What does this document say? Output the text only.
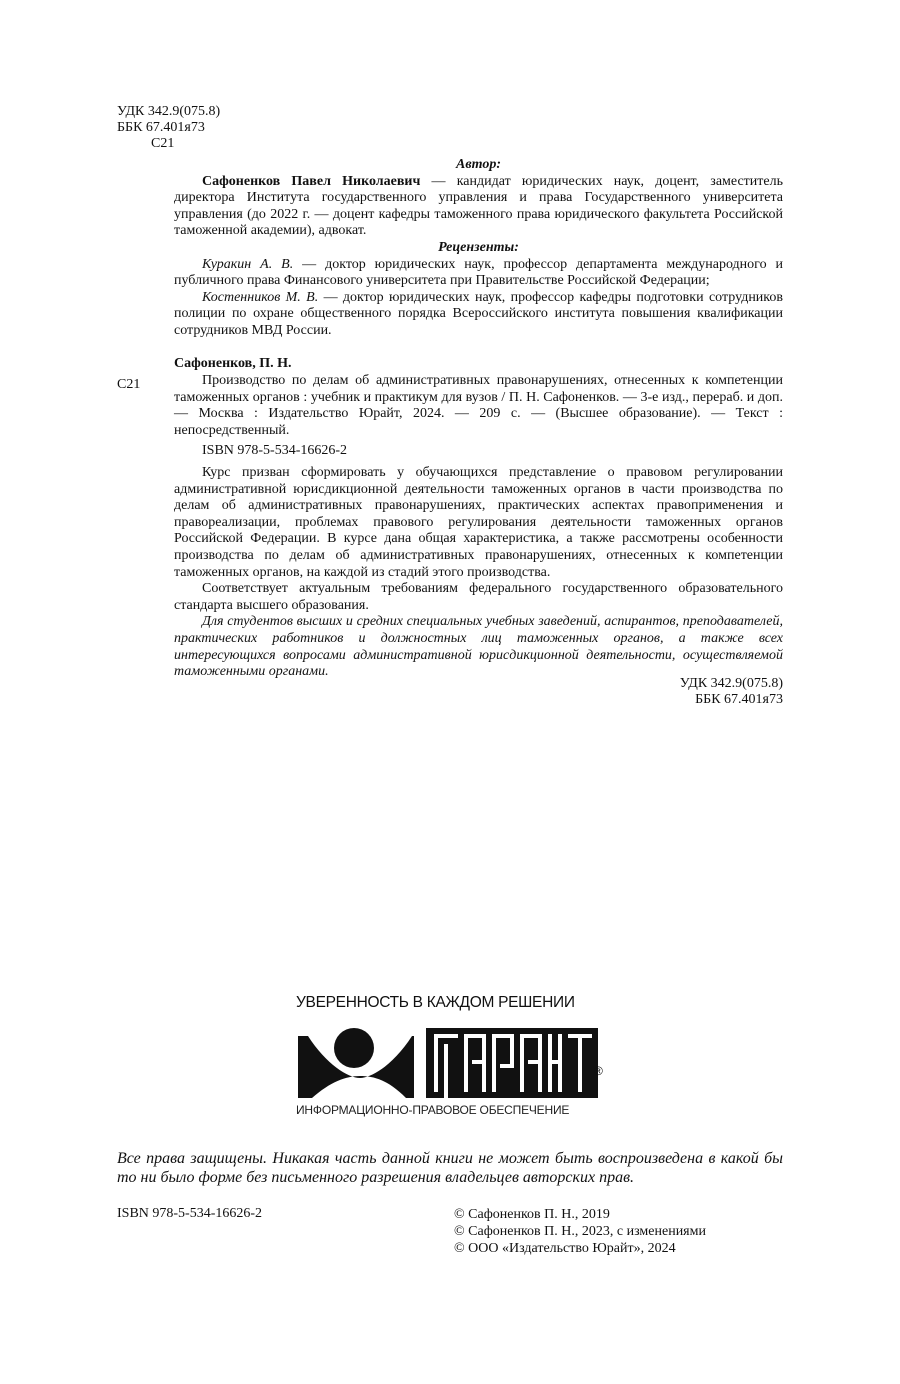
УДК 342.9(075.8)
ББК 67.401я73
С21
Автор:
Сафоненков Павел Николаевич — кандидат юридических наук, доцент, заместитель директора Института государственного управления и права Государственного университета управления (до 2022 г. — доцент кафедры таможенного права юридического факультета Российской таможенной академии), адвокат.
Рецензенты:
Куракин А. В. — доктор юридических наук, профессор департамента международного и публичного права Финансового университета при Правительстве Российской Федерации;
Костенников М. В. — доктор юридических наук, профессор кафедры подготовки сотрудников полиции по охране общественного порядка Всероссийского института повышения квалификации сотрудников МВД России.
Сафоненков, П. Н.
С21	Производство по делам об административных правонарушениях, отнесенных к компетенции таможенных органов : учебник и практикум для вузов / П. Н. Сафоненков. — 3-е изд., перераб. и доп. — Москва : Издательство Юрайт, 2024. — 209 с. — (Высшее образование). — Текст : непосредственный.
ISBN 978-5-534-16626-2
Курс призван сформировать у обучающихся представление о правовом регулировании административной юрисдикционной деятельности таможенных органов в части производства по делам об административных правонарушениях, практических аспектах правоприменения и правореализации, проблемах правового регулирования деятельности таможенных органов Российской Федерации. В курсе дана общая характеристика, а также рассмотрены особенности производства по делам об административных правонарушениях, отнесенных к компетенции таможенных органов, на каждой из стадий этого производства.
Соответствует актуальным требованиям федерального государственного образовательного стандарта высшего образования.
Для студентов высших и средних специальных учебных заведений, аспирантов, преподавателей, практических работников и должностных лиц таможенных органов, а также всех интересующихся вопросами административной юрисдикционной деятельности, осуществляемой таможенными органами.
УДК 342.9(075.8)
ББК 67.401я73
УВЕРЕННОСТЬ В КАЖДОМ РЕШЕНИИ
®
ИНФОРМАЦИОННО-ПРАВОВОЕ ОБЕСПЕЧЕНИЕ
Все права защищены. Никакая часть данной книги не может быть воспроизведена в какой бы то ни было форме без письменного разрешения владельцев авторских прав.
ISBN 978-5-534-16626-2	© Сафоненков П. Н., 2019
© Сафоненков П. Н., 2023, с изменениями
© ООО «Издательство Юрайт», 2024
